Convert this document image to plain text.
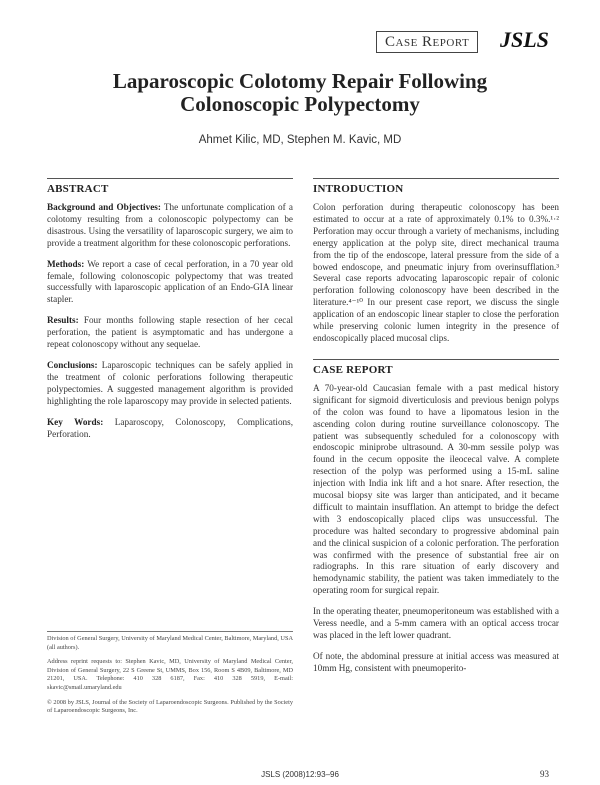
Case Report	JSLS
Laparoscopic Colotomy Repair Following
Colonoscopic Polypectomy
Ahmet Kilic, MD, Stephen M. Kavic, MD
ABSTRACT

Background and Objectives: The unfortunate complication of a colotomy resulting from a colonoscopic polypectomy can be disastrous. Using the versatility of laparoscopic surgery, we aim to provide a treatment algorithm for these colonoscopic perforations.

Methods: We report a case of cecal perforation, in a 70 year old female, following colonoscopic polypectomy that was treated successfully with laparoscopic application of an Endo-GIA linear stapler.

Results: Four months following staple resection of her cecal perforation, the patient is asymptomatic and has undergone a repeat colonoscopy without any sequelae.

Conclusions: Laparoscopic techniques can be safely applied in the treatment of colonic perforations following therapeutic polypectomies. A suggested management algorithm is provided highlighting the role laparoscopy may provide in selected patients.

Key Words: Laparoscopy, Colonoscopy, Complications, Perforation.

Division of General Surgery, University of Maryland Medical Center, Baltimore, Maryland, USA (all authors).

Address reprint requests to: Stephen Kavic, MD, University of Maryland Medical Center, Division of General Surgery, 22 S Greene St, UMMS, Box 156, Room S 4B09, Baltimore, MD 21201, USA. Telephone: 410 328 6187, Fax: 410 328 5919, E-mail: skavic@smail.umaryland.edu

© 2008 by JSLS, Journal of the Society of Laparoendoscopic Surgeons. Published by the Society of Laparoendoscopic Surgeons, Inc.

INTRODUCTION

Colon perforation during therapeutic colonoscopy has been estimated to occur at a rate of approximately 0.1% to 0.3%.¹·² Perforation may occur through a variety of mechanisms, including energy application at the polyp site, direct mechanical trauma from the tip of the endoscope, lateral pressure from the side of a bowed endoscope, and pneumatic injury from overinsufflation.³ Several case reports advocating laparoscopic repair of colonic perforation following colonoscopy have been described in the literature.⁴⁻¹⁰ In our present case report, we discuss the single application of an endoscopic linear stapler to close the perforation while preserving colonic lumen integrity in the presence of endoscopically placed mucosal clips.

CASE REPORT

A 70-year-old Caucasian female with a past medical history significant for sigmoid diverticulosis and previous benign polyps of the colon was found to have a lipomatous lesion in the ascending colon during routine surveillance colonoscopy. The patient was subsequently scheduled for a colonoscopy with endoscopic miniprobe ultrasound. A 30-mm sessile polyp was found in the cecum opposite the ileocecal valve. A complete resection of the polyp was performed using a 15-mL saline injection with India ink lift and a hot snare. After resection, the mucosal biopsy site was larger than anticipated, and it became difficult to maintain insufflation. An attempt to bridge the defect with 3 endoscopically placed clips was unsuccessful. The procedure was halted secondary to progressive abdominal pain and the clinical suspicion of a colonic perforation. The perforation was confirmed with the presence of substantial free air on radiographs. In this rare situation of early discovery and hemodynamic stability, the patient was taken immediately to the operating room for surgical repair.

In the operating theater, pneumoperitoneum was established with a Veress needle, and a 5-mm camera with an optical access trocar was placed in the left lower quadrant.

Of note, the abdominal pressure at initial access was measured at 10mm Hg, consistent with pneumoperito-

JSLS (2008)12:93–96	93
